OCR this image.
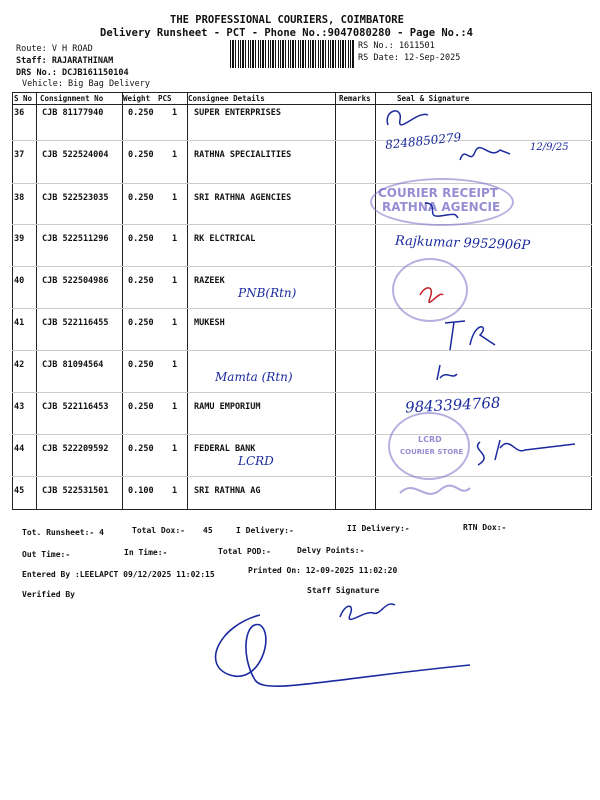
THE PROFESSIONAL COURIERS, COIMBATORE
Delivery Runsheet - PCT - Phone No.:9047080280 - Page No.:4
Route: V H ROAD
Staff: RAJARATHINAM
DRS No.: DCJB161150104
Vehicle: Big Bag Delivery
RS No.: 1611501
RS Date: 12-Sep-2025
S No Consignment No	Weight PCS Consignee Details	Remarks	Seal & Signature
36 CJB 81177940	0.250 1 SUPER ENTERPRISES
37 CJB 522524004 0.250 1 RATHNA SPECIALITIES
38 CJB 522523035 0.250 1 SRI RATHNA AGENCIES
39 CJB 522511296 0.250 1 RK ELCTRICAL
40 CJB 522504986 0.250 1 RAZEEK
PNB(Rtn)
41 CJB 522116455 0.250 1 MUKESH
42 CJB 81094564	0.250 1
Mamta (Rtn)
43 CJB 522116453 0.250 1 RAMU EMPORIUM
44 CJB 522209592 0.250 1 FEDERAL BANK
LCRD
45 CJB 522531501 0.100 1 SRI RATHNA AG
8248850279	12/9/25
COURIER RECEIPT
RATHNA AGENCIE
Rajkumar 9952906P
9843394768
LCRD
COURIER STORE
Tot. Runsheet:- 4	Total Dox:- 45	I Delivery:-	II Delivery:-	RTN Dox:-
Out Time:-	In Time:-	Total POD:-	Delvy Points:-
Entered By :LEELAPCT 09/12/2025 11:02:15	Printed On: 12-09-2025 11:02:20
Verified By	Staff Signature
